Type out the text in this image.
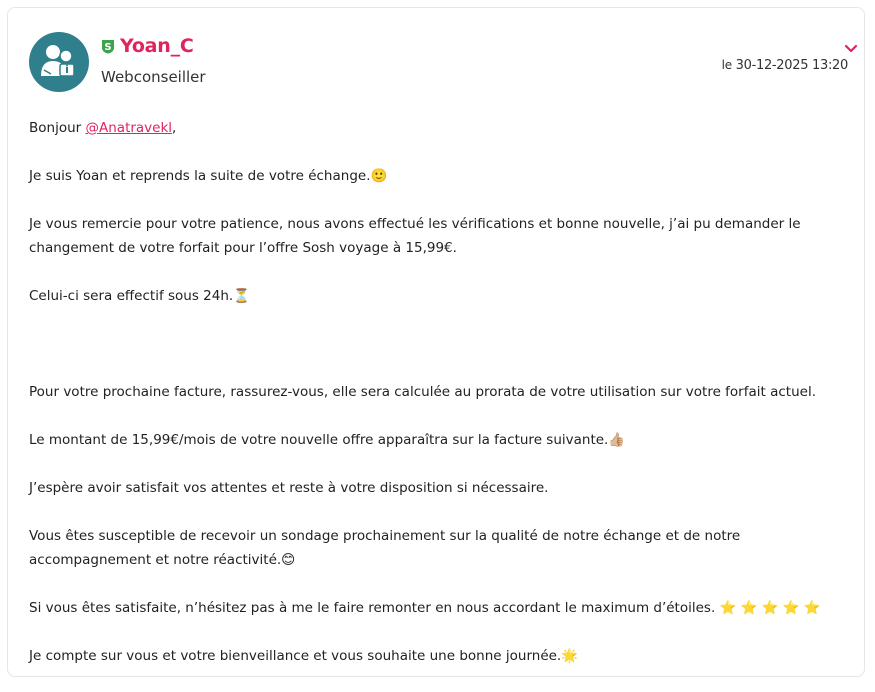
S Yoan_C
Webconseiller
le 30-12-2025 13:20

Bonjour @Anatravekl,

Je suis Yoan et reprends la suite de votre échange.🙂

Je vous remercie pour votre patience, nous avons effectué les vérifications et bonne nouvelle, j’ai pu demander le changement de votre forfait pour l’offre Sosh voyage à 15,99€.

Celui-ci sera effectif sous 24h.⏳

Pour votre prochaine facture, rassurez-vous, elle sera calculée au prorata de votre utilisation sur votre forfait actuel.

Le montant de 15,99€/mois de votre nouvelle offre apparaîtra sur la facture suivante.👍🏼

J’espère avoir satisfait vos attentes et reste à votre disposition si nécessaire.

Vous êtes susceptible de recevoir un sondage prochainement sur la qualité de notre échange et de notre accompagnement et notre réactivité.😊

Si vous êtes satisfaite, n’hésitez pas à me le faire remonter en nous accordant le maximum d’étoiles. ⭐ ⭐ ⭐ ⭐ ⭐

Je compte sur vous et votre bienveillance et vous souhaite une bonne journée.🌟
